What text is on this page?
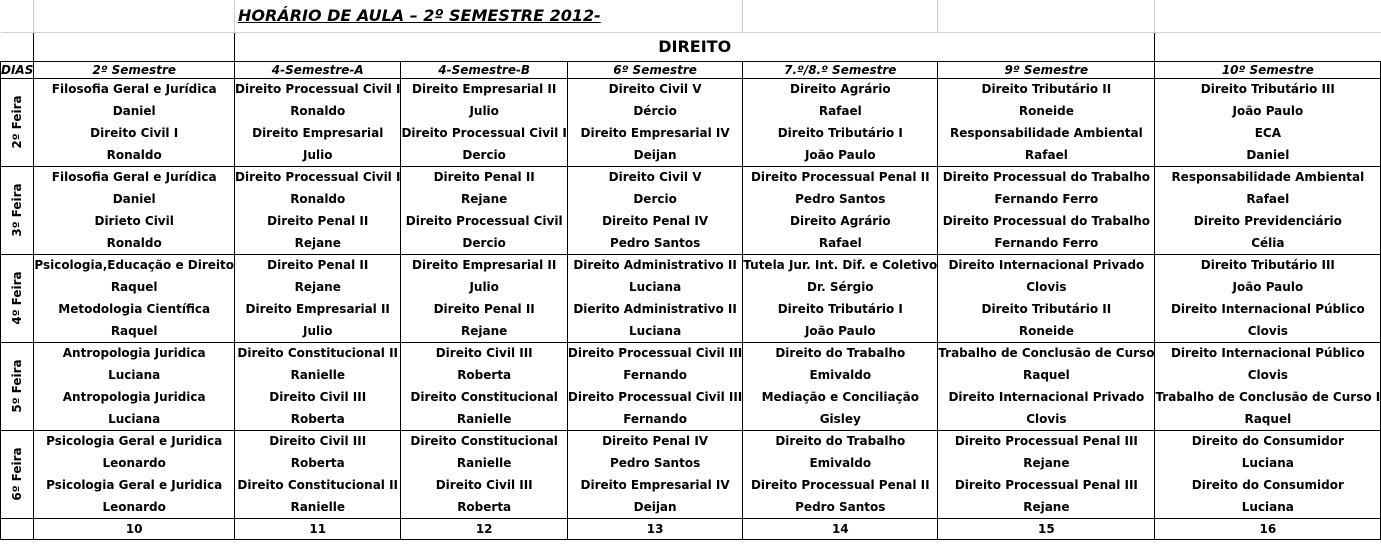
		HORÁRIO DE AULA – 2º SEMESTRE 2012-					
		DIREITO					
DIAS	2º Semestre	4-Semestre-A	4-Semestre-B	6º Semestre	7.º/8.º Semestre	9º Semestre	10º Semestre

2º Feira	Filosofia Geral e Jurídica	Direito Processual Civil I	Direito Empresarial II	Direito Civil V	Direito Agrário	Direito Tributário II	Direito Tributário III
	Daniel	Ronaldo	Julio	Dércio	Rafael	Roneide	João Paulo
	Direito Civil I	Direito Empresarial	Direito Processual Civil I	Direito Empresarial IV	Direito Tributário I	Responsabilidade Ambiental	ECA
	Ronaldo	Julio	Dercio	Deijan	João Paulo	Rafael	Daniel

3º Feira	Filosofia Geral e Jurídica	Direito Processual Civil I	Direito Penal II	Direito Civil V	Direito Processual Penal II	Direito Processual do Trabalho	Responsabilidade Ambiental
	Daniel	Ronaldo	Rejane	Dercio	Pedro Santos	Fernando Ferro	Rafael
	Dirieto Civil	Direito Penal II	Direito Processual Civil	Direito Penal IV	Direito Agrário	Direito Processual do Trabalho	Direito Previdenciário
	Ronaldo	Rejane	Dercio	Pedro Santos	Rafael	Fernando Ferro	Célia

4º Feira	Psicologia,Educação e Direito	Direito Penal II	Direito Empresarial II	Direito Administrativo II	Tutela Jur. Int. Dif. e Coletivo	Direito Internacional Privado	Direito Tributário III
	Raquel	Rejane	Julio	Luciana	Dr. Sérgio	Clovis	João Paulo
	Metodologia Científica	Direito Empresarial II	Direito Penal II	Dierito Administrativo II	Direito Tributário I	Direito Tributário II	Direito Internacional Público
	Raquel	Julio	Rejane	Luciana	João Paulo	Roneide	Clovis

5º Feira	Antropologia Juridica	Direito Constitucional II	Direito Civil III	Direito Processual Civil III	Direito do Trabalho	Trabalho de Conclusão de Curso	Direito Internacional Público
	Luciana	Ranielle	Roberta	Fernando	Emivaldo	Raquel	Clovis
	Antropologia Juridica	Direito Civil III	Direito Constitucional	Direito Processual Civil III	Mediação e Conciliação	Direito Internacional Privado	Trabalho de Conclusão de Curso I
	Luciana	Roberta	Ranielle	Fernando	Gisley	Clovis	Raquel

6º Feira	Psicologia Geral e Juridica	Direito Civil III	Direito Constitucional	Direito Penal IV	Direito do Trabalho	Direito Processual Penal III	Direito do Consumidor
	Leonardo	Roberta	Ranielle	Pedro Santos	Emivaldo	Rejane	Luciana
	Psicologia Geral e Juridica	Direito Constitucional II	Direito Civil III	Direito Empresarial IV	Direito Processual Penal II	Direito Processual Penal III	Direito do Consumidor
	Leonardo	Ranielle	Roberta	Deijan	Pedro Santos	Rejane	Luciana
	10	11	12	13	14	15	16
